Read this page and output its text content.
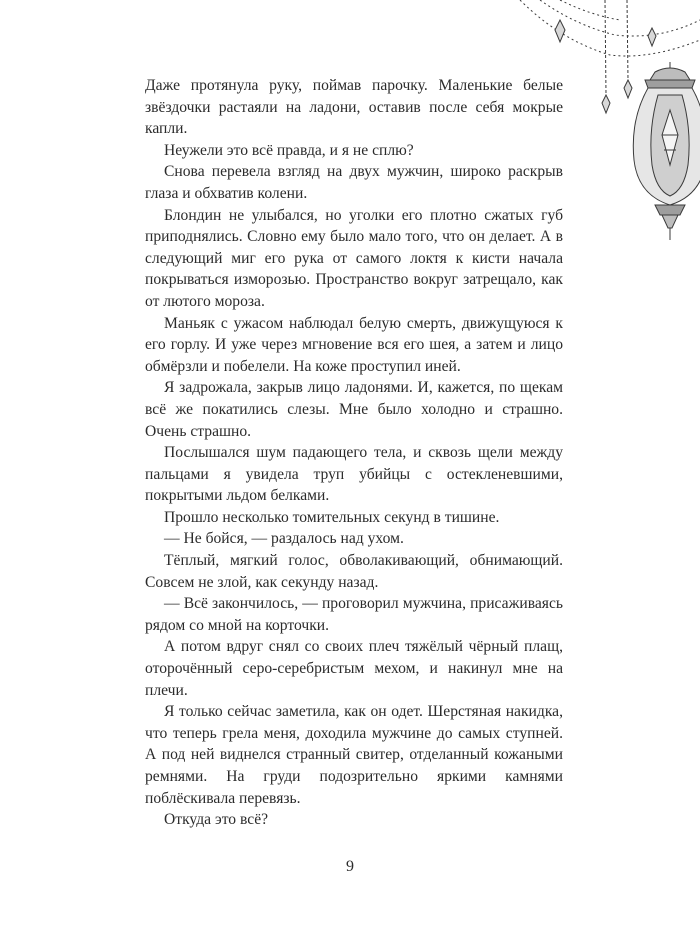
Даже протянула руку, поймав парочку. Маленькие белые звёздочки растаяли на ладони, оставив после себя мокрые капли.

Неужели это всё правда, и я не сплю?

Снова перевела взгляд на двух мужчин, широко раскрыв глаза и обхватив колени.

Блондин не улыбался, но уголки его плотно сжатых губ приподнялись. Словно ему было мало того, что он делает. А в следующий миг его рука от самого локтя к кисти начала покрываться изморозью. Пространство вокруг затрещало, как от лютого мороза.

Маньяк с ужасом наблюдал белую смерть, движущуюся к его горлу. И уже через мгновение вся его шея, а затем и лицо обмёрзли и побелели. На коже проступил иней.

Я задрожала, закрыв лицо ладонями. И, кажется, по щекам всё же покатились слезы. Мне было холодно и страшно. Очень страшно.

Послышался шум падающего тела, и сквозь щели между пальцами я увидела труп убийцы с остекленевшими, покрытыми льдом белками.

Прошло несколько томительных секунд в тишине.

— Не бойся, — раздалось над ухом.

Тёплый, мягкий голос, обволакивающий, обнимающий. Совсем не злой, как секунду назад.

— Всё закончилось, — проговорил мужчина, присаживаясь рядом со мной на корточки.

А потом вдруг снял со своих плеч тяжёлый чёрный плащ, оторочённый серо-серебристым мехом, и накинул мне на плечи.

Я только сейчас заметила, как он одет. Шерстяная накидка, что теперь грела меня, доходила мужчине до самых ступней. А под ней виднелся странный свитер, отделанный кожаными ремнями. На груди подозрительно яркими камнями поблёскивала перевязь.

Откуда это всё?

9
